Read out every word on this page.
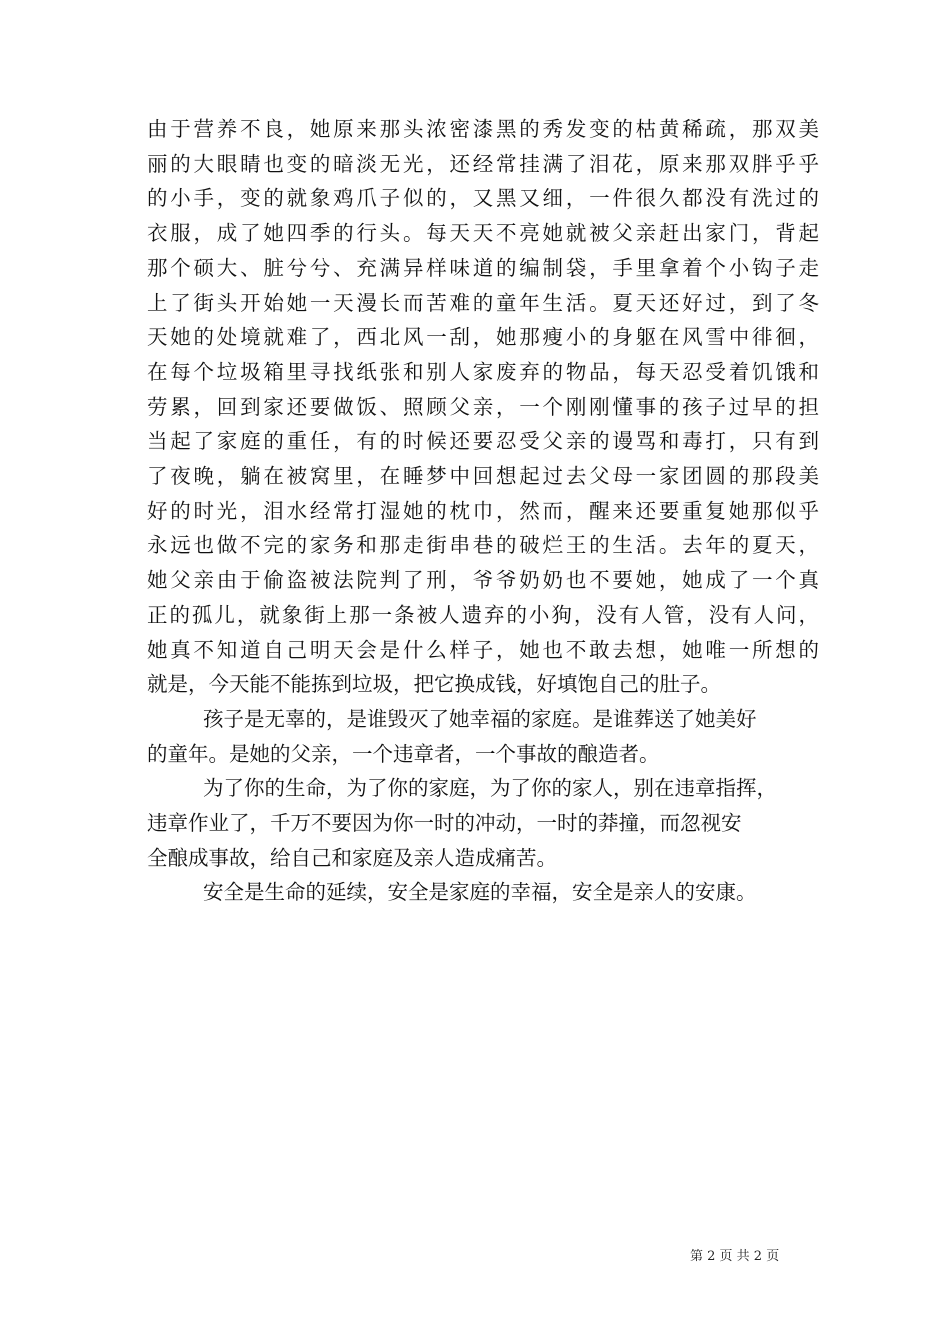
由于营养不良，她原来那头浓密漆黑的秀发变的枯黄稀疏，那双美
丽的大眼睛也变的暗淡无光，还经常挂满了泪花，原来那双胖乎乎
的小手，变的就象鸡爪子似的，又黑又细，一件很久都没有洗过的
衣服，成了她四季的行头。每天天不亮她就被父亲赶出家门，背起
那个硕大、脏兮兮、充满异样味道的编制袋，手里拿着个小钩子走
上了街头开始她一天漫长而苦难的童年生活。夏天还好过，到了冬
天她的处境就难了，西北风一刮，她那瘦小的身躯在风雪中徘徊，
在每个垃圾箱里寻找纸张和别人家废弃的物品，每天忍受着饥饿和
劳累，回到家还要做饭、照顾父亲，一个刚刚懂事的孩子过早的担
当起了家庭的重任，有的时候还要忍受父亲的谩骂和毒打，只有到
了夜晚，躺在被窝里，在睡梦中回想起过去父母一家团圆的那段美
好的时光，泪水经常打湿她的枕巾，然而，醒来还要重复她那似乎
永远也做不完的家务和那走街串巷的破烂王的生活。去年的夏天，
她父亲由于偷盗被法院判了刑，爷爷奶奶也不要她，她成了一个真
正的孤儿，就象街上那一条被人遗弃的小狗，没有人管，没有人问，
她真不知道自己明天会是什么样子，她也不敢去想，她唯一所想的
就是，今天能不能拣到垃圾，把它换成钱，好填饱自己的肚子。
孩子是无辜的，是谁毁灭了她幸福的家庭。是谁葬送了她美好
的童年。是她的父亲，一个违章者，一个事故的酿造者。
为了你的生命，为了你的家庭，为了你的家人，别在违章指挥，
违章作业了，千万不要因为你一时的冲动，一时的莽撞，而忽视安
全酿成事故，给自己和家庭及亲人造成痛苦。
安全是生命的延续，安全是家庭的幸福，安全是亲人的安康。
第 2 页 共 2 页
